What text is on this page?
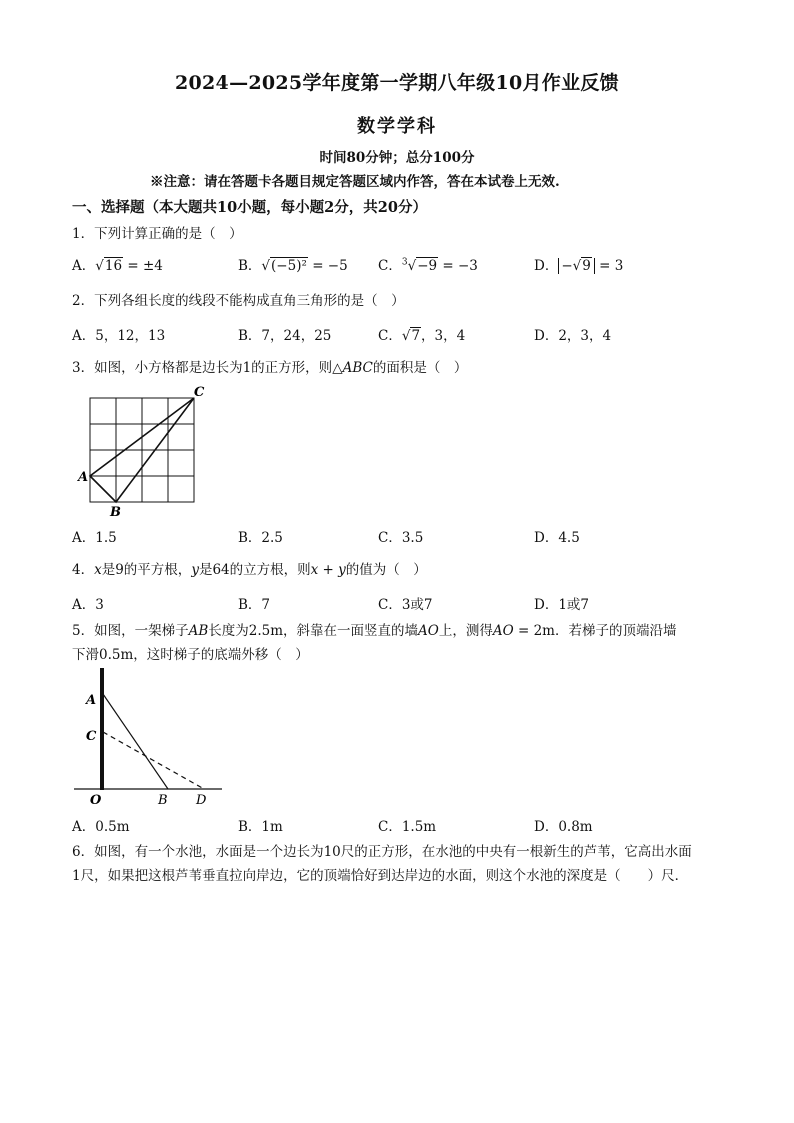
2024—2025学年度第一学期八年级10月作业反馈
数学学科
时间80分钟；总分100分
※注意：请在答题卡各题目规定答题区域内作答，答在本试卷上无效.
一、选择题（本大题共10小题，每小题2分，共20分）
1．下列计算正确的是（　）
A．√16 = ±4	B．√(−5)² = −5 C．$^3$√−9 = −3	D． −√9 = 3
2．下列各组长度的线段不能构成直角三角形的是（　）
A．5，12，13	B．7，24，25	C．√7，3，4	D．2，3，4
3．如图，小方格都是边长为1的正方形，则△ABC的面积是（　）
A
B
C
A．1.5	B．2.5	C．3.5	D．4.5
4．x是9的平方根，y是64的立方根，则x + y的值为（　）
A．3	B．7	C．3或7	D．1或7
5．如图，一架梯子AB长度为2.5m，斜靠在一面竖直的墙AO上，测得AO = 2m．若梯子的顶端沿墙
下滑0.5m，这时梯子的底端外移（　）
A
C
O	B D
A．0.5m	B．1m	C．1.5m	D．0.8m
6．如图，有一个水池，水面是一个边长为10尺的正方形，在水池的中央有一根新生的芦苇，它高出水面
1尺，如果把这根芦苇垂直拉向岸边，它的顶端恰好到达岸边的水面，则这个水池的深度是（　　）尺．
